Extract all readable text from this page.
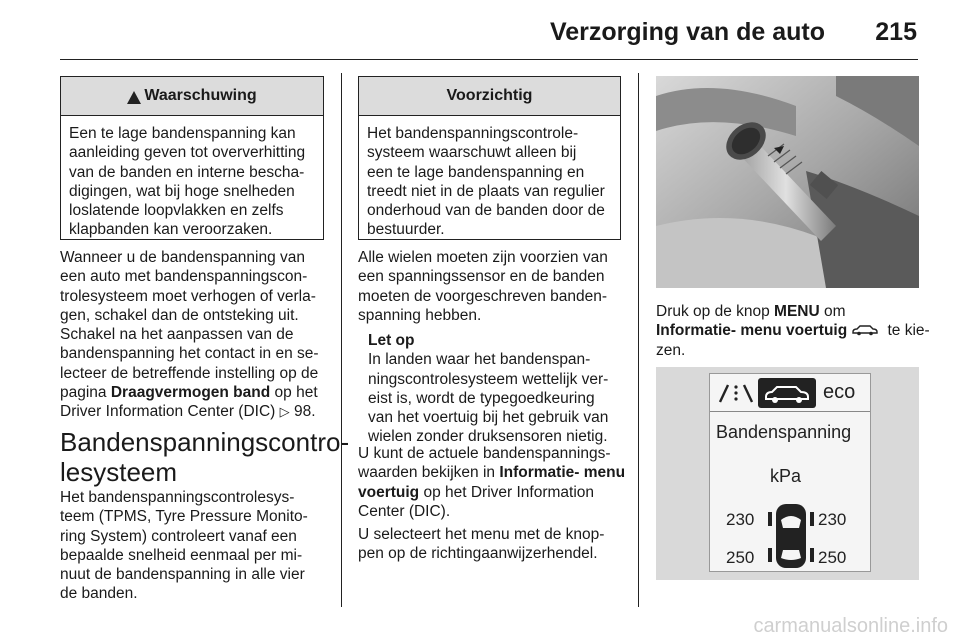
Verzorging van de auto 215
Waarschuwing
Een te lage bandenspanning kan
aanleiding geven tot oververhitting
van de banden en interne bescha-
digingen, wat bij hoge snelheden
loslatende loopvlakken en zelfs
klapbanden kan veroorzaken.
Wanneer u de bandenspanning van
een auto met bandenspanningscon-
trolesysteem moet verhogen of verla-
gen, schakel dan de ontsteking uit.
Schakel na het aanpassen van de
bandenspanning het contact in en se-
lecteer de betreffende instelling op de
pagina Draagvermogen band op het
Driver Information Center (DIC) ▷ 98.
Bandenspanningscontro-
lesysteem
Het bandenspanningscontrolesys-
teem (TPMS, Tyre Pressure Monito-
ring System) controleert vanaf een
bepaalde snelheid eenmaal per mi-
nuut de bandenspanning in alle vier
de banden.
Voorzichtig
Het bandenspanningscontrole-
systeem waarschuwt alleen bij
een te lage bandenspanning en
treedt niet in de plaats van regulier
onderhoud van de banden door de
bestuurder.
Alle wielen moeten zijn voorzien van
een spanningssensor en de banden
moeten de voorgeschreven banden-
spanning hebben.
Let op
In landen waar het bandenspan-
ningscontrolesysteem wettelijk ver-
eist is, wordt de typegoedkeuring
van het voertuig bij het gebruik van
wielen zonder druksensoren nietig.
U kunt de actuele bandenspannings-
waarden bekijken in Informatie- menu
voertuig op het Driver Information
Center (DIC).
U selecteert het menu met de knop-
pen op de richtingaanwijzerhendel.
Druk op de knop MENU om
Informatie- menu voertuig te kie-
zen.
eco
Bandenspanning
kPa
230	230
250	250
carmanualsonline.info
